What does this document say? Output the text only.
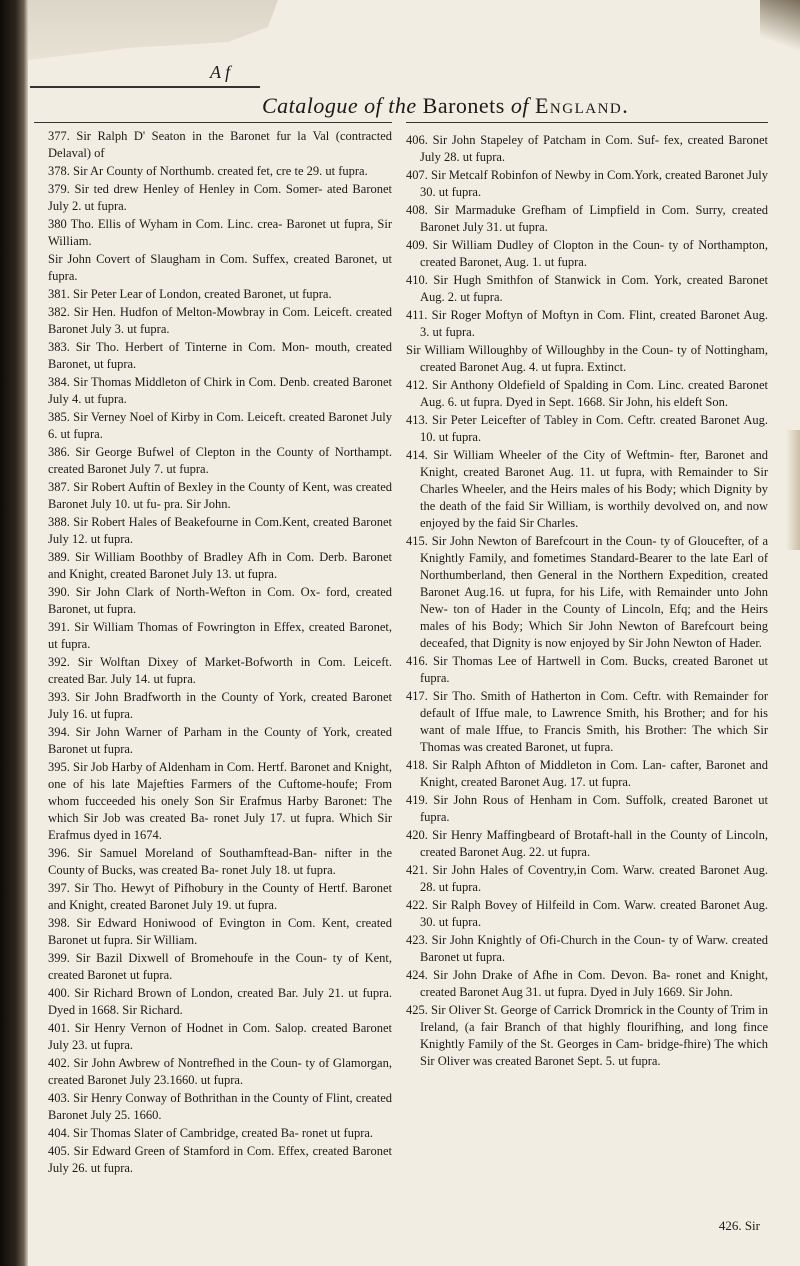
A f
Catalogue of the Baronets of England.

377. Sir Ralph D' Seaton in the Baronet fur la Val (contracted Delaval) of

378. Sir Ar County of Northumb. created fet, cre te 29. ut fupra.

379. Sir ted drew Henley of Henley in Com. Somer- ated Baronet July 2. ut fupra.

380 Tho. Ellis of Wyham in Com. Linc. crea- Baronet ut fupra, Sir William.

Sir John Covert of Slaugham in Com. Suffex, created Baronet, ut fupra.

381. Sir Peter Lear of London, created Baronet, ut fupra.

382. Sir Hen. Hudfon of Melton-Mowbray in Com. Leiceft. created Baronet July 3. ut fupra.

383. Sir Tho. Herbert of Tinterne in Com. Mon- mouth, created Baronet, ut fupra.

384. Sir Thomas Middleton of Chirk in Com. Denb. created Baronet July 4. ut fupra.

385. Sir Verney Noel of Kirby in Com. Leiceft. created Baronet July 6. ut fupra.

386. Sir George Bufwel of Clepton in the County of Northampt. created Baronet July 7. ut fupra.

387. Sir Robert Auftin of Bexley in the County of Kent, was created Baronet July 10. ut fu- pra. Sir John.

388. Sir Robert Hales of Beakefourne in Com.Kent, created Baronet July 12. ut fupra.

389. Sir William Boothby of Bradley Afh in Com. Derb. Baronet and Knight, created Baronet July 13. ut fupra.

390. Sir John Clark of North-Wefton in Com. Ox- ford, created Baronet, ut fupra.

391. Sir William Thomas of Fowrington in Effex, created Baronet, ut fupra.

392. Sir Wolftan Dixey of Market-Bofworth in Com. Leiceft. created Bar. July 14. ut fupra.

393. Sir John Bradfworth in the County of York, created Baronet July 16. ut fupra.

394. Sir John Warner of Parham in the County of York, created Baronet ut fupra.

395. Sir Job Harby of Aldenham in Com. Hertf. Baronet and Knight, one of his late Majefties Farmers of the Cuftome-houfe; From whom fucceeded his onely Son Sir Erafmus Harby Baronet: The which Sir Job was created Ba- ronet July 17. ut fupra. Which Sir Erafmus dyed in 1674.

396. Sir Samuel Moreland of Southamftead-Ban- nifter in the County of Bucks, was created Ba- ronet July 18. ut fupra.

397. Sir Tho. Hewyt of Pifhobury in the County of Hertf. Baronet and Knight, created Baronet July 19. ut fupra.

398. Sir Edward Honiwood of Evington in Com. Kent, created Baronet ut fupra. Sir William.

399. Sir Bazil Dixwell of Bromehoufe in the Coun- ty of Kent, created Baronet ut fupra.

400. Sir Richard Brown of London, created Bar. July 21. ut fupra. Dyed in 1668. Sir Richard.

401. Sir Henry Vernon of Hodnet in Com. Salop. created Baronet July 23. ut fupra.

402. Sir John Awbrew of Nontrefhed in the Coun- ty of Glamorgan, created Baronet July 23.1660. ut fupra.

403. Sir Henry Conway of Bothrithan in the County of Flint, created Baronet July 25. 1660.

404. Sir Thomas Slater of Cambridge, created Ba- ronet ut fupra.

405. Sir Edward Green of Stamford in Com. Effex, created Baronet July 26. ut fupra.

406. Sir John Stapeley of Patcham in Com. Suf- fex, created Baronet July 28. ut fupra.

407. Sir Metcalf Robinfon of Newby in Com.York, created Baronet July 30. ut fupra.

408. Sir Marmaduke Grefham of Limpfield in Com. Surry, created Baronet July 31. ut fupra.

409. Sir William Dudley of Clopton in the Coun- ty of Northampton, created Baronet, Aug. 1. ut fupra.

410. Sir Hugh Smithfon of Stanwick in Com. York, created Baronet Aug. 2. ut fupra.

411. Sir Roger Moftyn of Moftyn in Com. Flint, created Baronet Aug. 3. ut fupra.

Sir William Willoughby of Willoughby in the Coun- ty of Nottingham, created Baronet Aug. 4. ut fupra. Extinct.

412. Sir Anthony Oldefield of Spalding in Com. Linc. created Baronet Aug. 6. ut fupra. Dyed in Sept. 1668. Sir John, his eldeft Son.

413. Sir Peter Leicefter of Tabley in Com. Ceftr. created Baronet Aug. 10. ut fupra.

414. Sir William Wheeler of the City of Weftmin- fter, Baronet and Knight, created Baronet Aug. 11. ut fupra, with Remainder to Sir Charles Wheeler, and the Heirs males of his Body; which Dignity by the death of the faid Sir William, is worthily devolved on, and now enjoyed by the faid Sir Charles.

415. Sir John Newton of Barefcourt in the Coun- ty of Gloucefter, of a Knightly Family, and fometimes Standard-Bearer to the late Earl of Northumberland, then General in the Northern Expedition, created Baronet Aug.16. ut fupra, for his Life, with Remainder unto John New- ton of Hader in the County of Lincoln, Efq; and the Heirs males of his Body; Which Sir John Newton of Barefcourt being deceafed, that Dignity is now enjoyed by Sir John Newton of Hader.

416. Sir Thomas Lee of Hartwell in Com. Bucks, created Baronet ut fupra.

417. Sir Tho. Smith of Hatherton in Com. Ceftr. with Remainder for default of Iffue male, to Lawrence Smith, his Brother; and for his want of male Iffue, to Francis Smith, his Brother: The which Sir Thomas was created Baronet, ut fupra.

418. Sir Ralph Afhton of Middleton in Com. Lan- cafter, Baronet and Knight, created Baronet Aug. 17. ut fupra.

419. Sir John Rous of Henham in Com. Suffolk, created Baronet ut fupra.

420. Sir Henry Maffingbeard of Brotaft-hall in the County of Lincoln, created Baronet Aug. 22. ut fupra.

421. Sir John Hales of Coventry,in Com. Warw. created Baronet Aug. 28. ut fupra.

422. Sir Ralph Bovey of Hilfeild in Com. Warw. created Baronet Aug. 30. ut fupra.

423. Sir John Knightly of Ofi-Church in the Coun- ty of Warw. created Baronet ut fupra.

424. Sir John Drake of Afhe in Com. Devon. Ba- ronet and Knight, created Baronet Aug 31. ut fupra. Dyed in July 1669. Sir John.

425. Sir Oliver St. George of Carrick Dromrick in the County of Trim in Ireland, (a fair Branch of that highly flourifhing, and long fince Knightly Family of the St. Georges in Cam- bridge-fhire) The which Sir Oliver was created Baronet Sept. 5. ut fupra.

426. Sir
